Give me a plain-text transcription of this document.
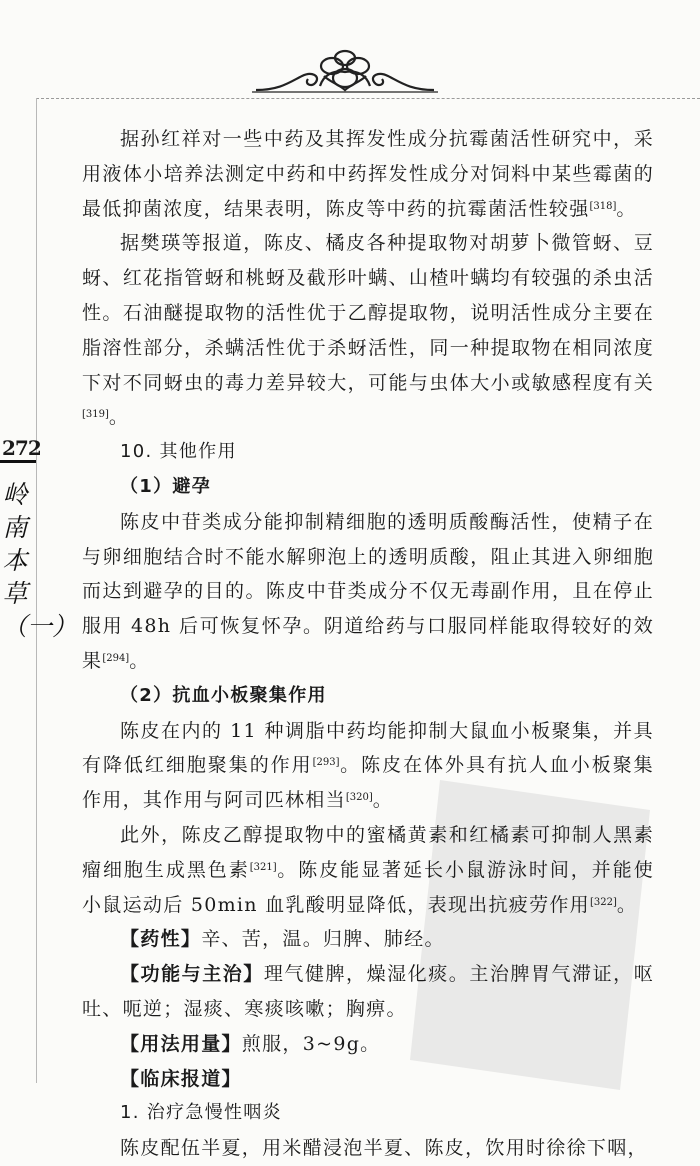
272
岭南本草（一）

据孙红祥对一些中药及其挥发性成分抗霉菌活性研究中，采用液体小培养法测定中药和中药挥发性成分对饲料中某些霉菌的最低抑菌浓度，结果表明，陈皮等中药的抗霉菌活性较强[318]。

据樊瑛等报道，陈皮、橘皮各种提取物对胡萝卜微管蚜、豆蚜、红花指管蚜和桃蚜及截形叶螨、山楂叶螨均有较强的杀虫活性。石油醚提取物的活性优于乙醇提取物，说明活性成分主要在脂溶性部分，杀螨活性优于杀蚜活性，同一种提取物在相同浓度下对不同蚜虫的毒力差异较大，可能与虫体大小或敏感程度有关[319]。

10. 其他作用

（1）避孕

陈皮中苷类成分能抑制精细胞的透明质酸酶活性，使精子在与卵细胞结合时不能水解卵泡上的透明质酸，阻止其进入卵细胞而达到避孕的目的。陈皮中苷类成分不仅无毒副作用，且在停止服用 48h 后可恢复怀孕。阴道给药与口服同样能取得较好的效果[294]。

（2）抗血小板聚集作用

陈皮在内的 11 种调脂中药均能抑制大鼠血小板聚集，并具有降低红细胞聚集的作用[293]。陈皮在体外具有抗人血小板聚集作用，其作用与阿司匹林相当[320]。

此外，陈皮乙醇提取物中的蜜橘黄素和红橘素可抑制人黑素瘤细胞生成黑色素[321]。陈皮能显著延长小鼠游泳时间，并能使小鼠运动后 50min 血乳酸明显降低，表现出抗疲劳作用[322]。

【药性】辛、苦，温。归脾、肺经。

【功能与主治】理气健脾，燥湿化痰。主治脾胃气滞证，呕吐、呃逆；湿痰、寒痰咳嗽；胸痹。

【用法用量】煎服，3~9g。

【临床报道】

1. 治疗急慢性咽炎

陈皮配伍半夏，用米醋浸泡半夏、陈皮，饮用时徐徐下咽，
